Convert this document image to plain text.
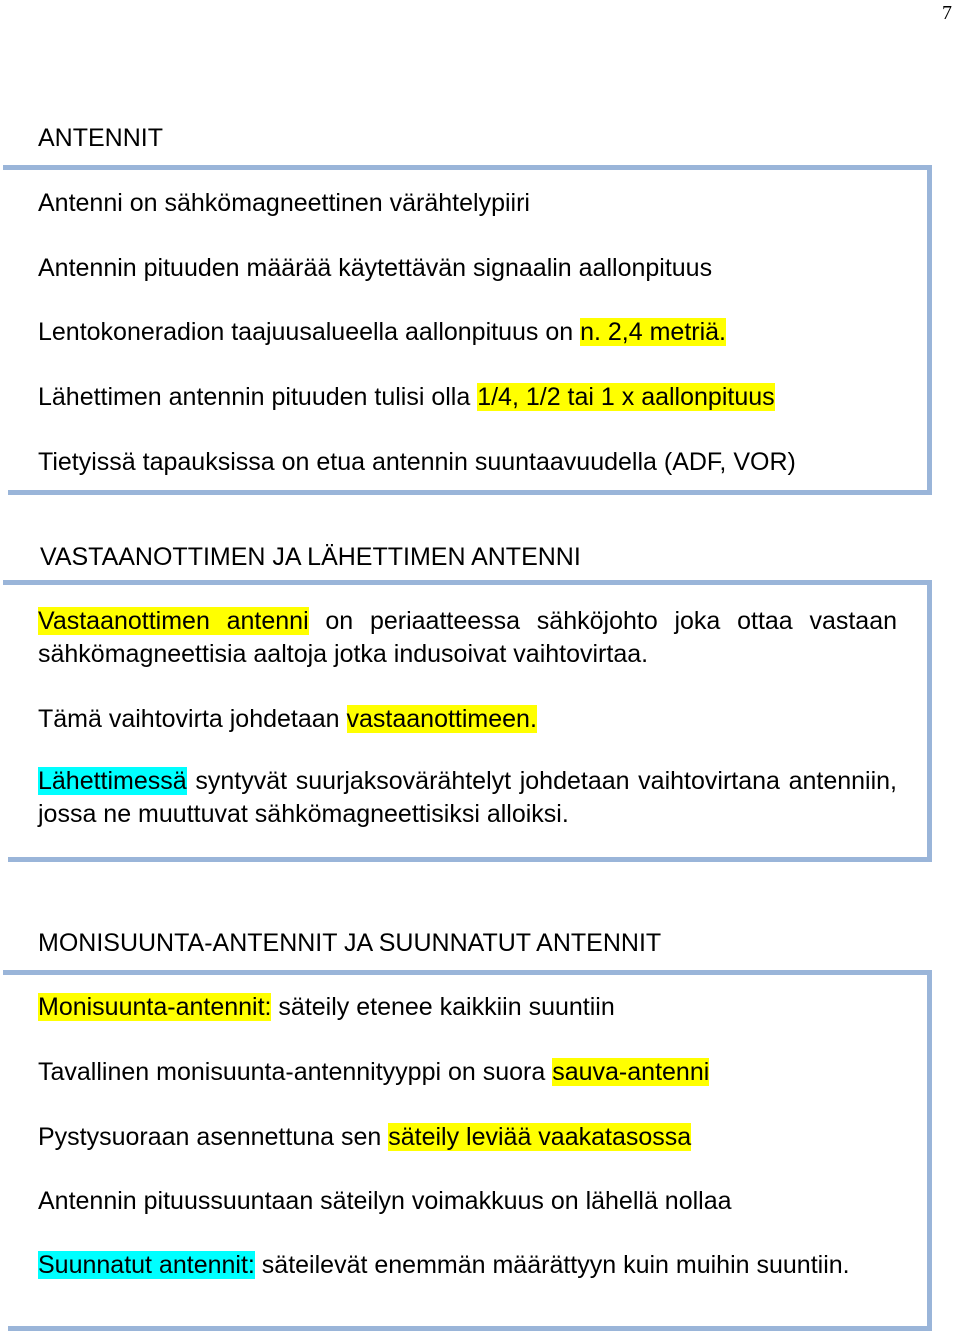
7
ANTENNIT
Antenni on sähkömagneettinen värähtelypiiri
Antennin pituuden määrää käytettävän signaalin aallonpituus
Lentokoneradion taajuusalueella aallonpituus on n. 2,4 metriä.
Lähettimen antennin pituuden tulisi olla 1/4, 1/2 tai 1 x aallonpituus
Tietyissä tapauksissa on etua antennin suuntaavuudella (ADF, VOR)
VASTAANOTTIMEN JA LÄHETTIMEN ANTENNI
Vastaanottimen antenni on periaatteessa sähköjohto joka ottaa vastaan sähkömagneettisia aaltoja jotka indusoivat vaihtovirtaa.
Tämä vaihtovirta johdetaan vastaanottimeen.
Lähettimessä syntyvät suurjaksovärähtelyt johdetaan vaihtovirtana antenniin, jossa ne muuttuvat sähkömagneettisiksi alloiksi.
MONISUUNTA-ANTENNIT JA SUUNNATUT ANTENNIT
Monisuunta-antennit: säteily etenee kaikkiin suuntiin
Tavallinen monisuunta-antennityyppi on suora sauva-antenni
Pystysuoraan asennettuna sen säteily leviää vaakatasossa
Antennin pituussuuntaan säteilyn voimakkuus on lähellä nollaa
Suunnatut antennit: säteilevät enemmän määrättyyn kuin muihin suuntiin.
